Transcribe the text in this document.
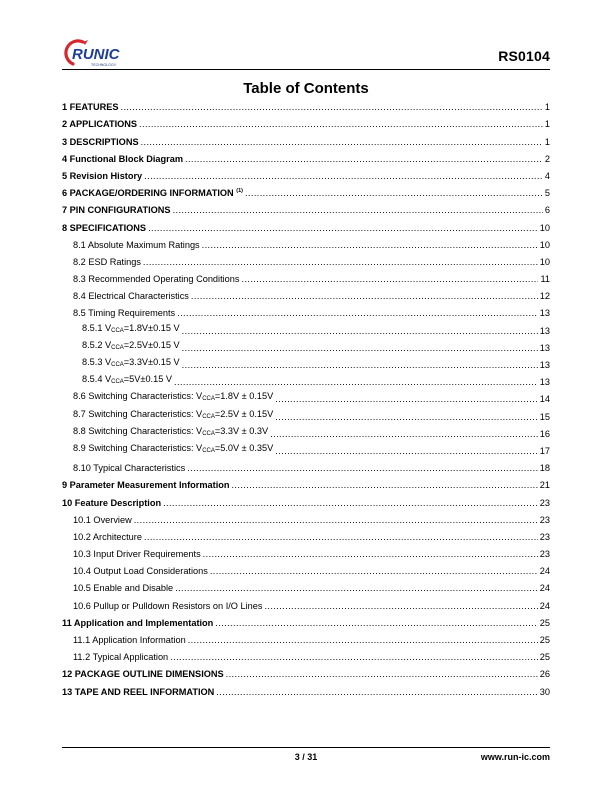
RUNIC
TECHNOLOGY
RS0104
Table of Contents
1 FEATURES .....	1
2 APPLICATIONS .....	1
3 DESCRIPTIONS .....	1
4 Functional Block Diagram .....	2
5 Revision History .....	4
6 PACKAGE/ORDERING INFORMATION $^{(1)}$ .....	5
7 PIN CONFIGURATIONS .....	6
8 SPECIFICATIONS .....	10
8.1 Absolute Maximum Ratings .....	10
8.2 ESD Ratings .....	10
8.3 Recommended Operating Conditions .....	11
8.4 Electrical Characteristics .....	12
8.5 Timing Requirements .....	13
8.5.1 VCCA=1.8V±0.15 V .....	13
8.5.2 VCCA=2.5V±0.15 V .....	13
8.5.3 VCCA=3.3V±0.15 V .....	13
8.5.4 VCCA=5V±0.15 V .....	13
8.6 Switching Characteristics: VCCA=1.8V ± 0.15V .....	14
8.7 Switching Characteristics: VCCA=2.5V ± 0.15V .....	15
8.8 Switching Characteristics: VCCA=3.3V ± 0.3V .....	16
8.9 Switching Characteristics: VCCA=5.0V ± 0.35V .....	17
8.10 Typical Characteristics .....	18
9 Parameter Measurement Information .....	21
10 Feature Description .....	23
10.1 Overview .....	23
10.2 Architecture .....	23
10.3 Input Driver Requirements .....	23
10.4 Output Load Considerations .....	24
10.5 Enable and Disable .....	24
10.6 Pullup or Pulldown Resistors on I/O Lines .....	24
11 Application and Implementation .....	25
11.1 Application Information .....	25
11.2 Typical Application .....	25
12 PACKAGE OUTLINE DIMENSIONS .....	26
13 TAPE AND REEL INFORMATION .....	30
3 / 31	www.run-ic.com
